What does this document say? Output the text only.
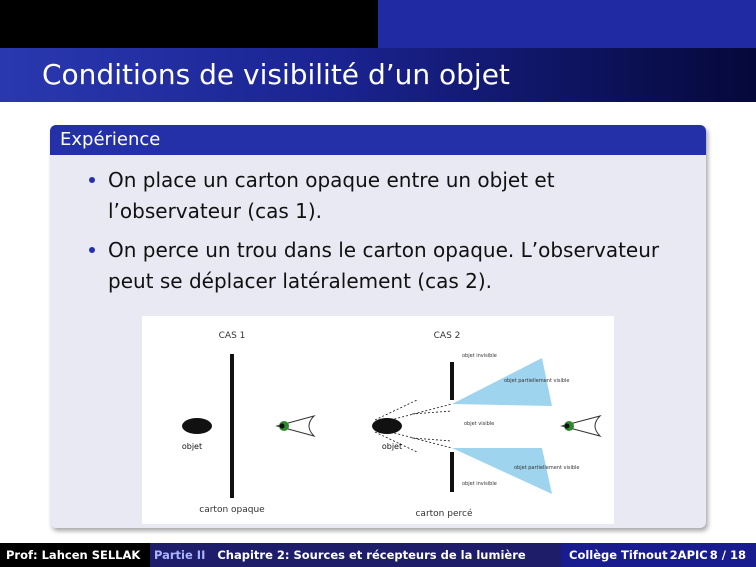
Conditions de visibilité d’un objet
Expérience
On place un carton opaque entre un objet et l’observateur (cas 1).
On perce un trou dans le carton opaque. L’observateur peut se déplacer latéralement (cas 2).
CAS 1
objet
carton opaque
CAS 2
objet
objet invisible
objet partiellement visible
objet visible
objet partiellement visible
objet invisible
carton percé
Prof: Lahcen SELLAK	Partie II Chapitre 2: Sources et récepteurs de la lumière	Collège Tifnout 2APIC 8 / 18
